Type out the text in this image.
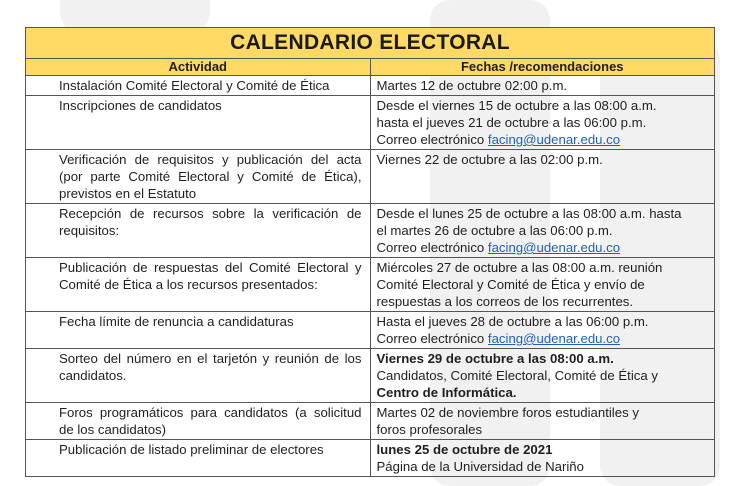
CALENDARIO ELECTORAL	
Actividad	Fechas /recomendaciones

Instalación Comité Electoral y Comité de Ética	Martes 12 de octubre 02:00 p.m.

Inscripciones de candidatos	Desde el viernes 15 de octubre a las 08:00 a.m.
hasta el jueves 21 de octubre a las 06:00 p.m.
Correo electrónico facing@udenar.edu.co

Verificación de requisitos y publicación del acta (por parte Comité Electoral y Comité de Ética), previstos en el Estatuto	Viernes 22 de octubre a las 02:00 p.m.

Recepción de recursos sobre la verificación de requisitos:	Desde el lunes 25 de octubre a las 08:00 a.m. hasta
el martes 26 de octubre a las 06:00 p.m.
Correo electrónico facing@udenar.edu.co

Publicación de respuestas del Comité Electoral y Comité de Ética a los recursos presentados:	Miércoles 27 de octubre a las 08:00 a.m. reunión
Comité Electoral y Comité de Ética y envío de
respuestas a los correos de los recurrentes.

Fecha límite de renuncia a candidaturas	Hasta el jueves 28 de octubre a las 06:00 p.m.
Correo electrónico facing@udenar.edu.co

Sorteo del número en el tarjetón y reunión de los candidatos.	Viernes 29 de octubre a las 08:00 a.m.
Candidatos, Comité Electoral, Comité de Ética y
Centro de Informática.

Foros programáticos para candidatos (a solicitud de los candidatos)	Martes 02 de noviembre foros estudiantiles y
foros profesorales

Publicación de listado preliminar de electores	lunes 25 de octubre de 2021
Página de la Universidad de Nariño
